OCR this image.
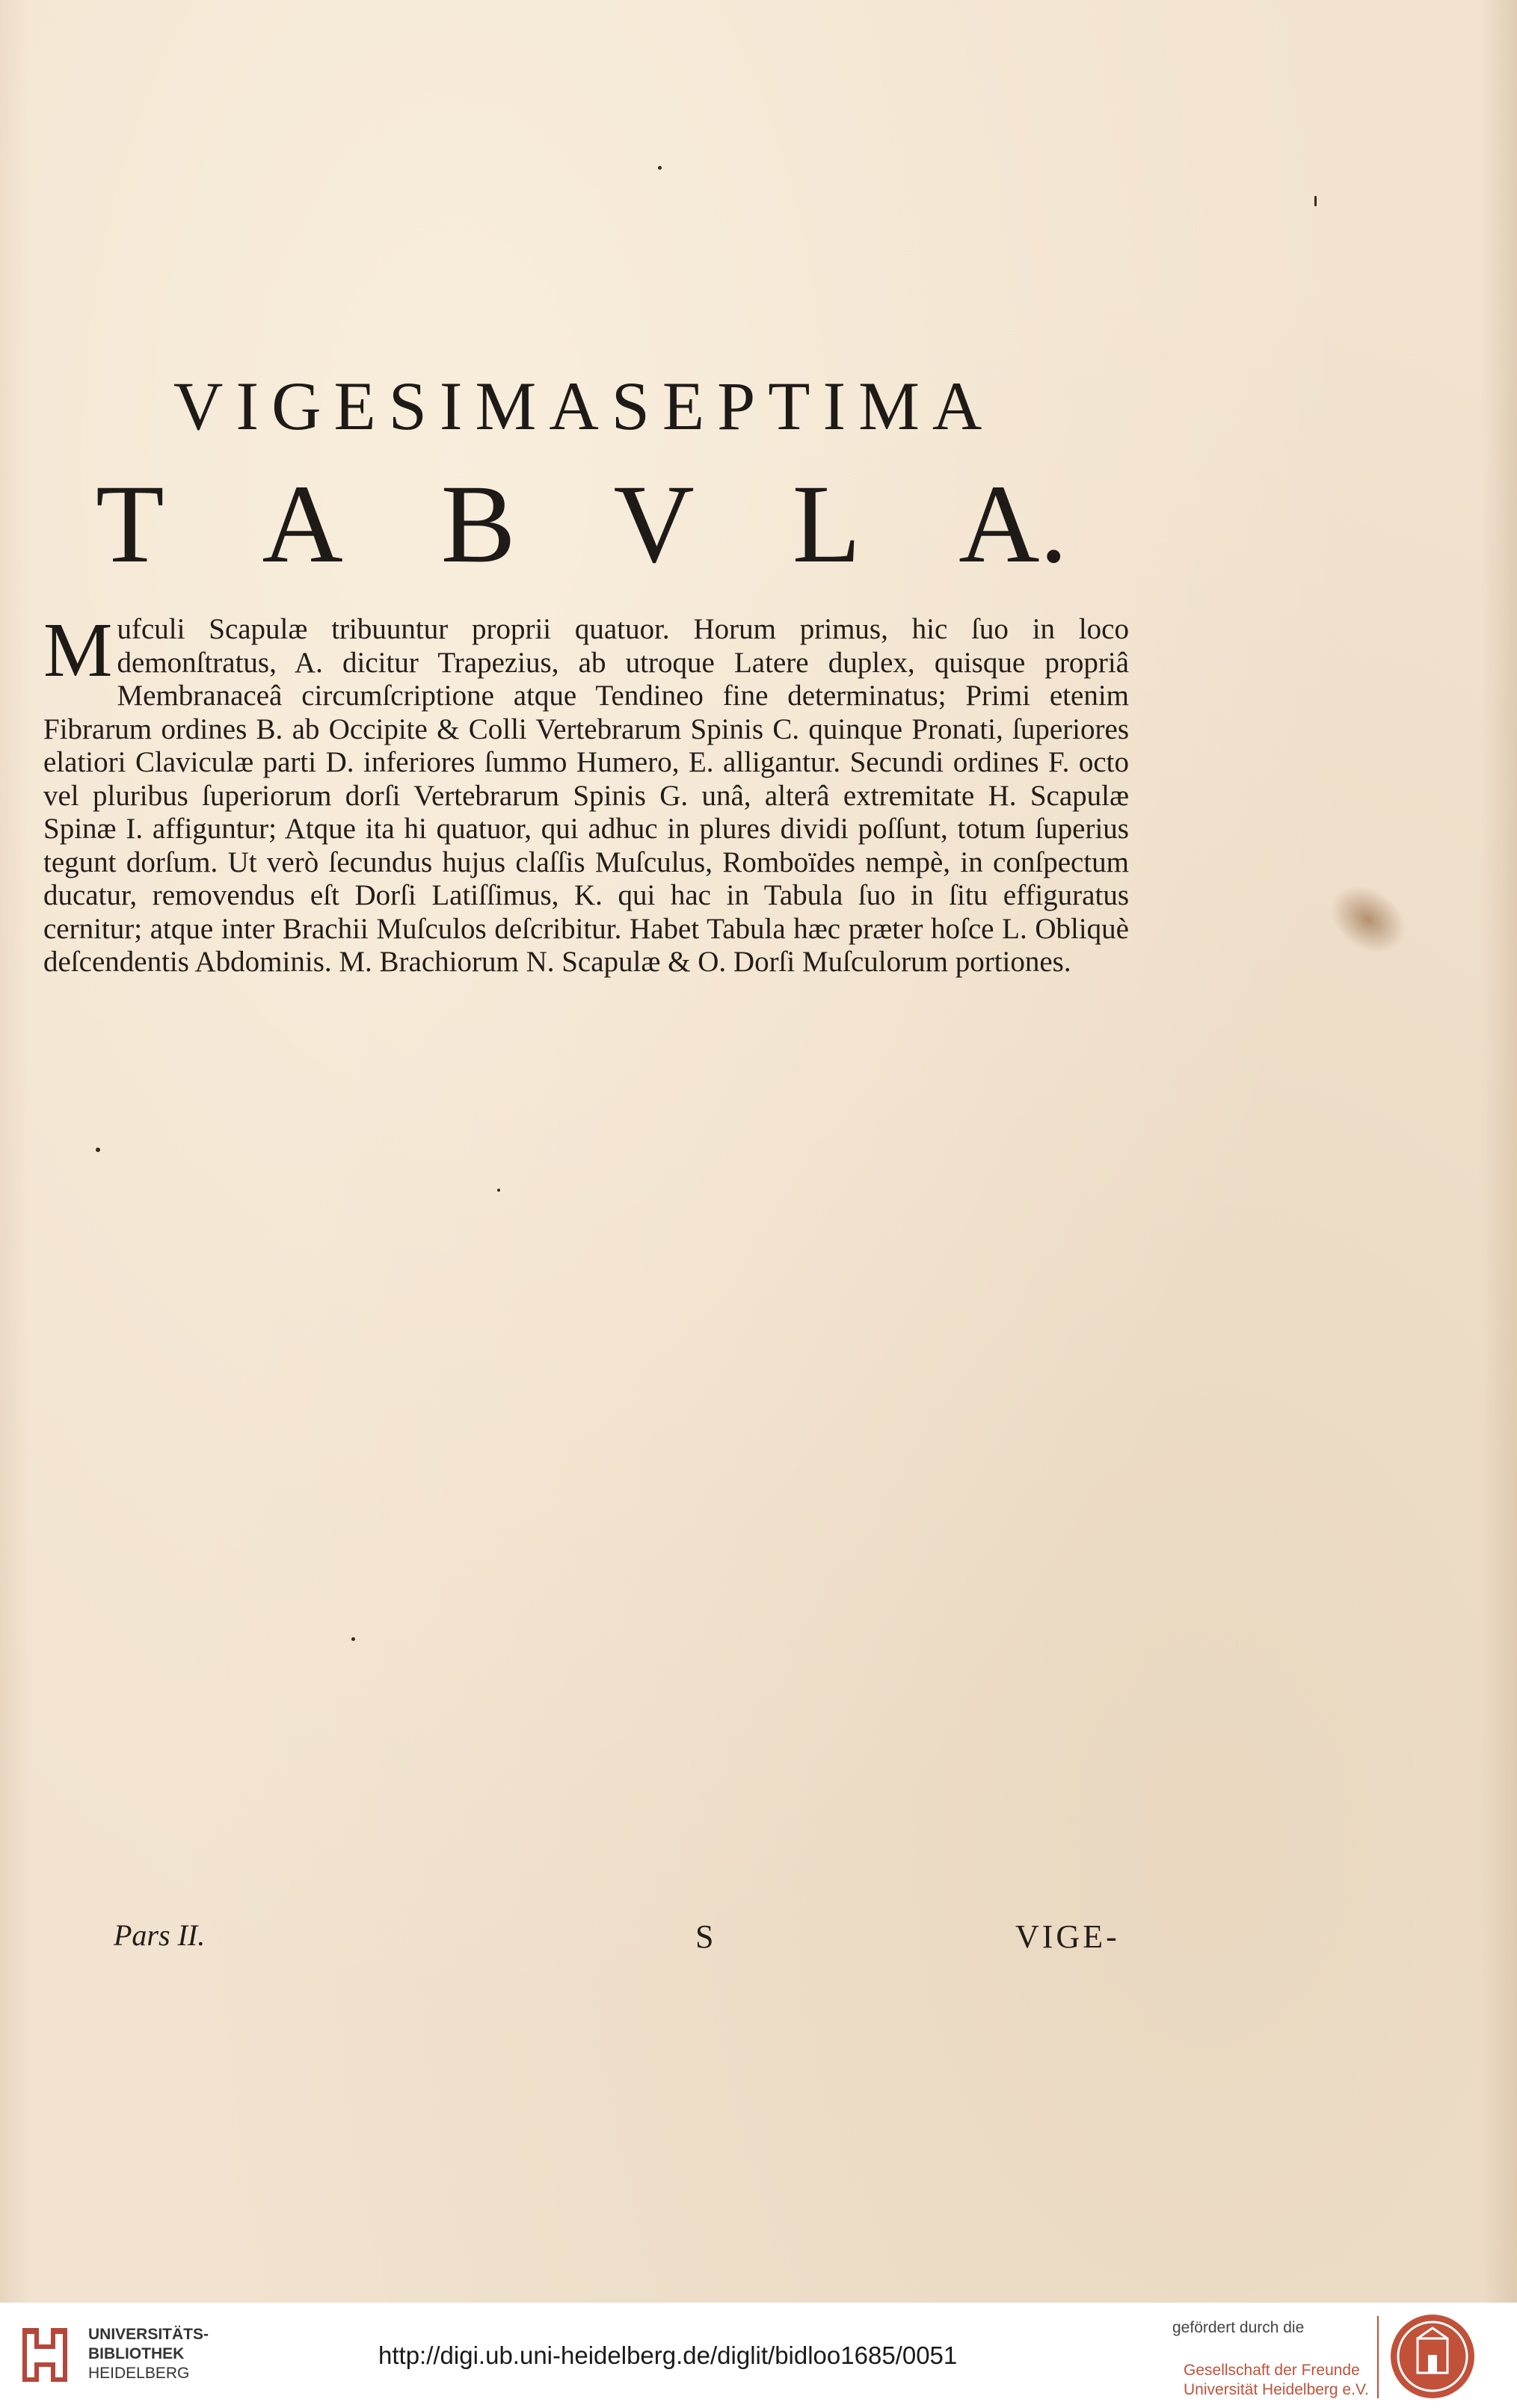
VIGESIMASEPTIMA
T A B V L A.
Mufculi Scapulæ tribuuntur proprii quatuor. Horum primus, hic ſuo in loco demonſtratus, A. dicitur Trapezius, ab utroque Latere duplex, quisque propriâ Membranaceâ circumſcriptione atque Tendineo fine determinatus; Primi etenim Fibrarum ordines B. ab Occipite & Colli Vertebrarum Spinis C. quinque Pronati, ſuperiores elatiori Claviculæ parti D. inferiores ſummo Humero, E. alligantur. Secundi ordines F. octo vel pluribus ſuperiorum dorſi Vertebrarum Spinis G. unâ, alterâ extremitate H. Scapulæ Spinæ I. affiguntur; Atque ita hi quatuor, qui adhuc in plures dividi poſſunt, totum ſuperius tegunt dorſum. Ut verò ſecundus hujus claſſis Muſculus, Romboïdes nempè, in conſpectum ducatur, removendus eſt Dorſi Latiſſimus, K. qui hac in Tabula ſuo in ſitu effiguratus cernitur; atque inter Brachii Muſculos deſcribitur. Habet Tabula hæc præter hoſce L. Obliquè deſcendentis Abdominis. M. Brachiorum N. Scapulæ & O. Dorſi Muſculorum portiones.
Pars II.	S	VIGE-
UNIVERSITÄTS-
BIBLIOTHEK
HEIDELBERG
http://digi.ub.uni-heidelberg.de/diglit/bidloo1685/0051
gefördert durch die
Gesellschaft der Freunde
Universität Heidelberg e.V.
